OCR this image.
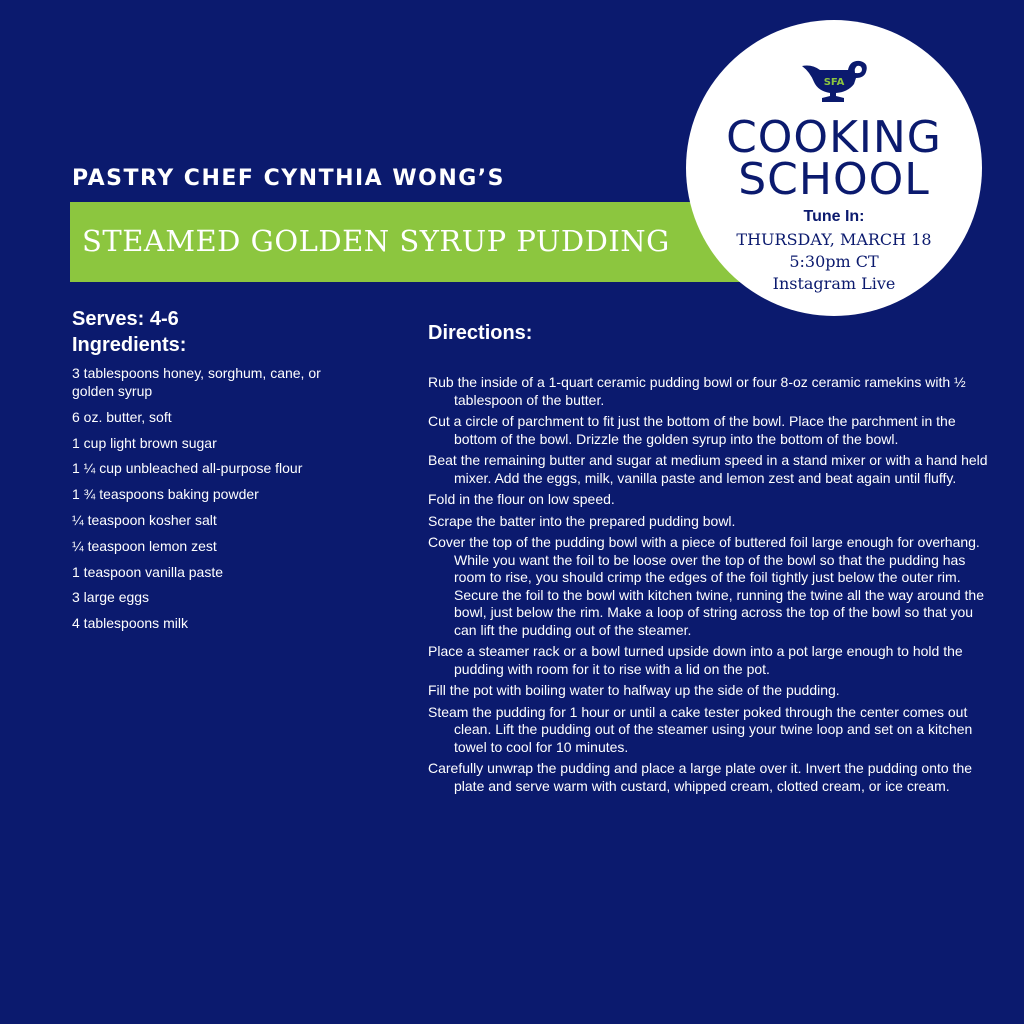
PASTRY CHEF CYNTHIA WONG’S
STEAMED GOLDEN SYRUP PUDDING
SFA
COOKING
SCHOOL
Tune In:
THURSDAY, MARCH 18
5:30pm CT
Instagram Live
Serves: 4-6
Ingredients:
3 tablespoons honey, sorghum, cane, or golden syrup
6 oz. butter, soft
1 cup light brown sugar
1 ¼ cup unbleached all-purpose flour
1 ¾ teaspoons baking powder
¼ teaspoon kosher salt
¼ teaspoon lemon zest
1 teaspoon vanilla paste
3 large eggs
4 tablespoons milk
Directions:
Rub the inside of a 1-quart ceramic pudding bowl or four 8-oz ceramic ramekins with ½ tablespoon of the butter.
Cut a circle of parchment to fit just the bottom of the bowl. Place the parchment in the bottom of the bowl. Drizzle the golden syrup into the bottom of the bowl.
Beat the remaining butter and sugar at medium speed in a stand mixer or with a hand held mixer. Add the eggs, milk, vanilla paste and lemon zest and beat again until fluffy.
Fold in the flour on low speed.
Scrape the batter into the prepared pudding bowl.
Cover the top of the pudding bowl with a piece of buttered foil large enough for overhang. While you want the foil to be loose over the top of the bowl so that the pudding has room to rise, you should crimp the edges of the foil tightly just below the outer rim. Secure the foil to the bowl with kitchen twine, running the twine all the way around the bowl, just below the rim. Make a loop of string across the top of the bowl so that you can lift the pudding out of the steamer.
Place a steamer rack or a bowl turned upside down into a pot large enough to hold the pudding with room for it to rise with a lid on the pot.
Fill the pot with boiling water to halfway up the side of the pudding.
Steam the pudding for 1 hour or until a cake tester poked through the center comes out clean. Lift the pudding out of the steamer using your twine loop and set on a kitchen towel to cool for 10 minutes.
Carefully unwrap the pudding and place a large plate over it. Invert the pudding onto the plate and serve warm with custard, whipped cream, clotted cream, or ice cream.
